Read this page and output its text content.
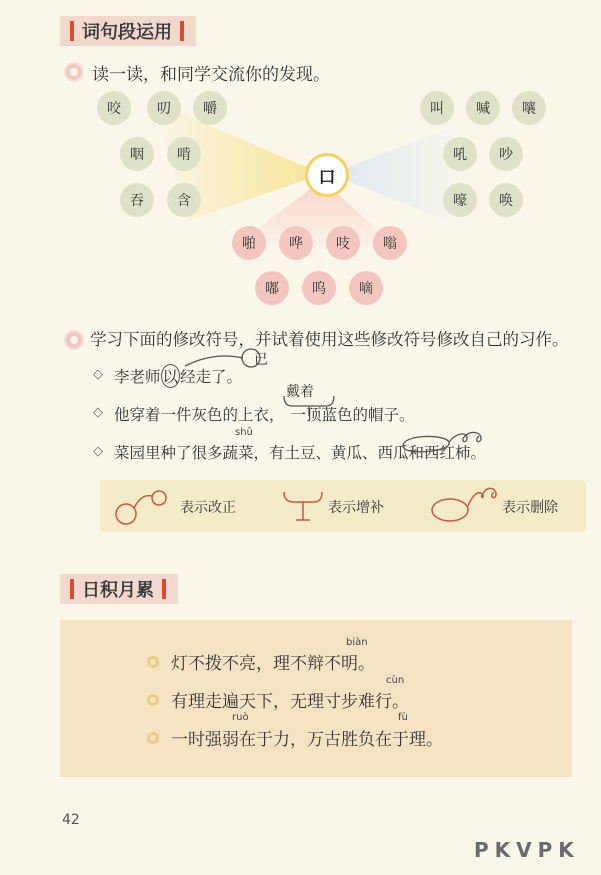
词句段运用
读一读，和同学交流你的发现。
口
咬	叨	嚼
咽	啃
吞	含
叫	喊	嚷
吼	吵
嚎	唤
啪	哗	吱	嗡
嘟	呜	嘀
学习下面的修改符号，并试着使用这些修改符号修改自己的习作。
◇ 李老师 以 经走了。
已
◇
戴着
他穿着一件灰色的上衣， 一顶蓝色的帽子。
◇
shū
菜园里种了很多蔬菜，有土豆、黄瓜、西瓜和西红柿。
表示改正	表示增补	表示删除
日积月累
biàn
灯不拨不亮，理不辩不明。
cùn
有理走遍天下，无理寸步难行。
ruò	fù
一时强弱在于力，万古胜负在于理。
42
PKVPK
